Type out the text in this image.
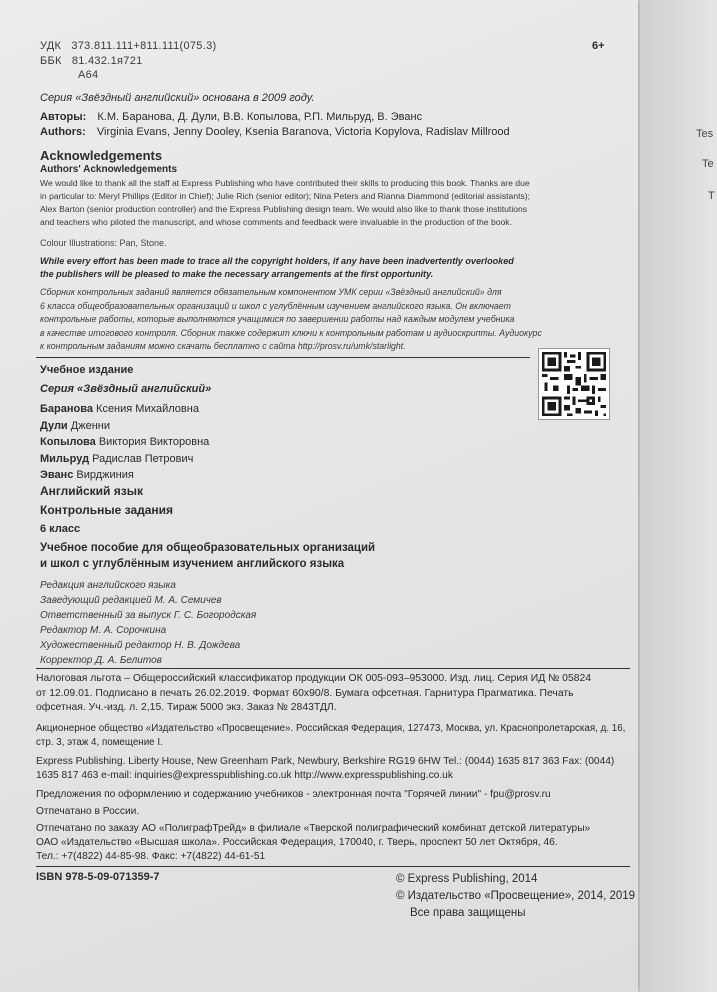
УДК 373.811.111+811.111(075.3)
ББК 81.432.1я721
А64
6+
Серия «Звёздный английский» основана в 2009 году.
Авторы: К.М. Баранова, Д. Дули, В.В. Копылова, Р.П. Мильруд, В. Эванс
Authors: Virginia Evans, Jenny Dooley, Ksenia Baranova, Victoria Kopylova, Radislav Millrood
Acknowledgements
Authors' Acknowledgements
We would like to thank all the staff at Express Publishing who have contributed their skills to producing this book. Thanks are due
in particular to: Meryl Phillips (Editor in Chief); Julie Rich (senior editor); Nina Peters and Rianna Diammond (editorial assistants);
Alex Barton (senior production controller) and the Express Publishing design team. We would also like to thank those institutions
and teachers who piloted the manuscript, and whose comments and feedback were invaluable in the production of the book.
Colour Illustrations: Pan, Stone.
While every effort has been made to trace all the copyright holders, if any have been inadvertently overlooked
the publishers will be pleased to make the necessary arrangements at the first opportunity.
Сборник контрольных заданий является обязательным компонентом УМК серии «Звёздный английский» для
6 класса общеобразовательных организаций и школ с углублённым изучением английского языка. Он включает
контрольные работы, которые выполняются учащимися по завершении работы над каждым модулем учебника
в качестве итогового контроля. Сборник также содержит ключи к контрольным работам и аудиоскрипты. Аудиокурс
к контрольным заданиям можно скачать бесплатно с сайта http://prosv.ru/umk/starlight.
Учебное издание
Серия «Звёздный английский»
Баранова Ксения Михайловна
Дули Дженни
Копылова Виктория Викторовна
Мильруд Радислав Петрович
Эванс Вирджиния
Английский язык
Контрольные задания
6 класс
Учебное пособие для общеобразовательных организаций
и школ с углублённым изучением английского языка
Редакция английского языка
Заведующий редакцией М. А. Семичев
Ответственный за выпуск Г. С. Богородская
Редактор М. А. Сорочкина
Художественный редактор Н. В. Дождева
Корректор Д. А. Белитов
Налоговая льгота – Общероссийский классификатор продукции ОК 005-093–953000. Изд. лиц. Серия ИД № 05824
от 12.09.01. Подписано в печать 26.02.2019. Формат 60х90/8. Бумага офсетная. Гарнитура Прагматика. Печать
офсетная. Уч.-изд. л. 2,15. Тираж 5000 экз. Заказ № 2843ТДЛ.
Акционерное общество «Издательство «Просвещение». Российская Федерация, 127473, Москва, ул. Краснопролетарская, д. 16,
стр. 3, этаж 4, помещение I.
Express Publishing. Liberty House, New Greenham Park, Newbury, Berkshire RG19 6HW Tel.: (0044) 1635 817 363 Fax: (0044)
1635 817 463 e-mail: inquiries@expresspublishing.co.uk http://www.expresspublishing.co.uk
Предложения по оформлению и содержанию учебников - электронная почта "Горячей линии" - fpu@prosv.ru
Отпечатано в России.
Отпечатано по заказу АО «ПолиграфТрейд» в филиале «Тверской полиграфический комбинат детской литературы»
ОАО «Издательство «Высшая школа». Российская Федерация, 170040, г. Тверь, проспект 50 лет Октября, 46.
Тел.: +7(4822) 44-85-98. Факс: +7(4822) 44-61-51
ISBN 978-5-09-071359-7	© Express Publishing, 2014
© Издательство «Просвещение», 2014, 2019
Все права защищены
Tes
Te
T
